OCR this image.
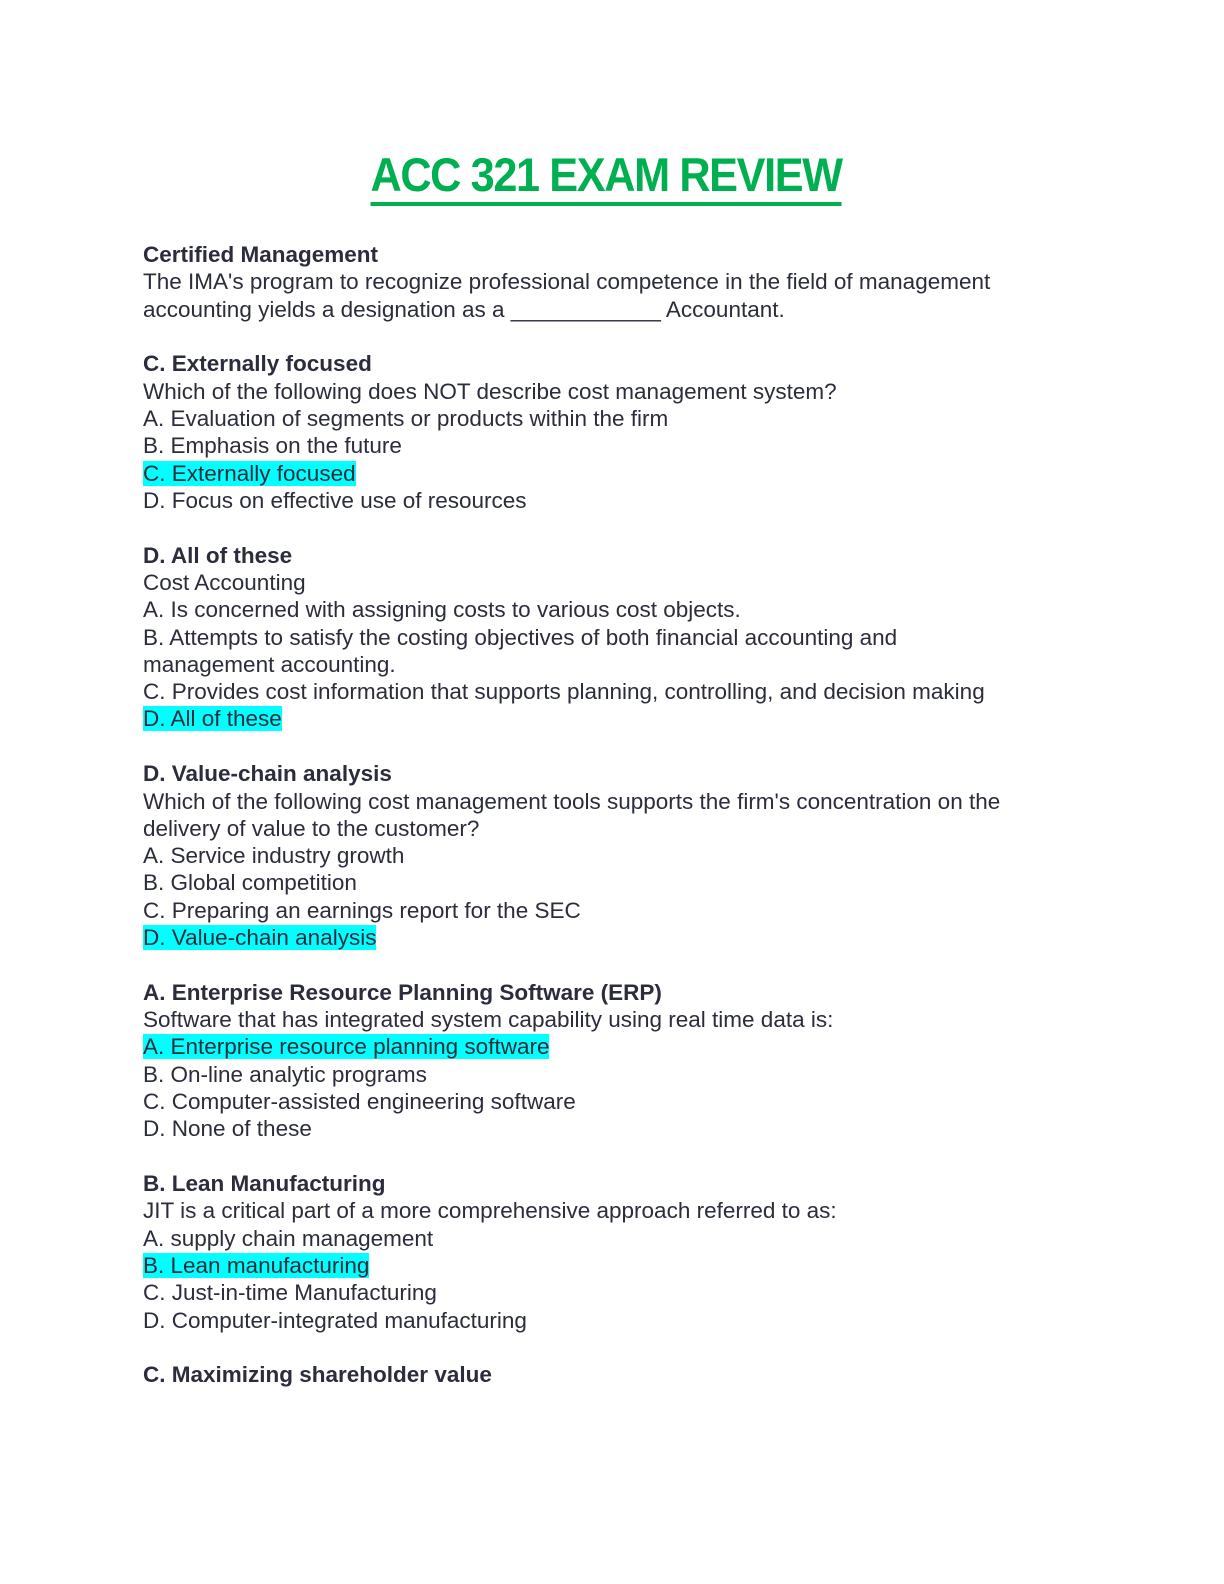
ACC 321 EXAM REVIEW
Certified Management
The IMA's program to recognize professional competence in the field of management
accounting yields a designation as a ____________ Accountant.
C. Externally focused
Which of the following does NOT describe cost management system?
A. Evaluation of segments or products within the firm
B. Emphasis on the future
C. Externally focused
D. Focus on effective use of resources
D. All of these
Cost Accounting
A. Is concerned with assigning costs to various cost objects.
B. Attempts to satisfy the costing objectives of both financial accounting and
management accounting.
C. Provides cost information that supports planning, controlling, and decision making
D. All of these
D. Value-chain analysis
Which of the following cost management tools supports the firm's concentration on the
delivery of value to the customer?
A. Service industry growth
B. Global competition
C. Preparing an earnings report for the SEC
D. Value-chain analysis
A. Enterprise Resource Planning Software (ERP)
Software that has integrated system capability using real time data is:
A. Enterprise resource planning software
B. On-line analytic programs
C. Computer-assisted engineering software
D. None of these
B. Lean Manufacturing
JIT is a critical part of a more comprehensive approach referred to as:
A. supply chain management
B. Lean manufacturing
C. Just-in-time Manufacturing
D. Computer-integrated manufacturing
C. Maximizing shareholder value
